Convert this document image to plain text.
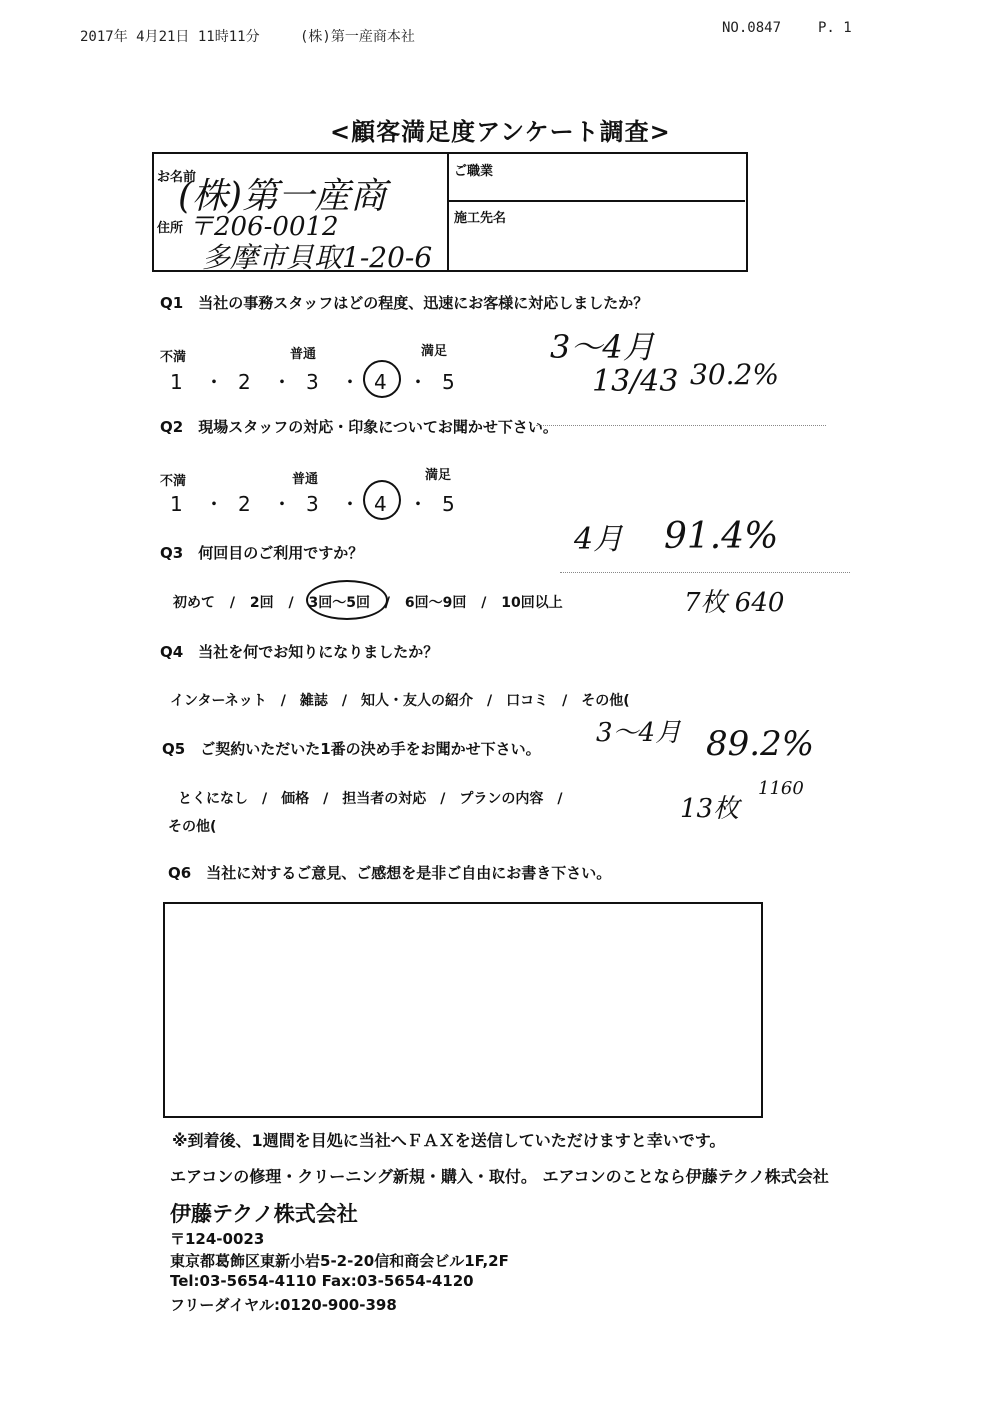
2017年 4月21日 11時11分	(株)第一産商本社
NO.0847	P. 1
<顧客満足度アンケート調査>
お名前
(株)第一産商
ご職業
住所 〒206-0012
多摩市貝取1-20-6
施工先名
Q1　当社の事務スタッフはどの程度、迅速にお客様に対応しましたか？
不満	普通	満足
1 ・ 2 ・ 3 ・ 4 ・ 5
3〜4月
13/43 30.2%
Q2　現場スタッフの対応・印象についてお聞かせ下さい。
不満	普通	満足
1 ・ 2 ・ 3 ・ 4 ・ 5
Q3　何回目のご利用ですか？
初めて / 2回 / 3回〜5回 / 6回〜9回 / 10回以上
4月 91.4%
7枚 640
Q4　当社を何でお知りになりましたか？
インターネット　/　雑誌　/　知人・友人の紹介　/　口コミ　/　その他(
Q5　ご契約いただいた1番の決め手をお聞かせ下さい。
とくになし　/　価格　/　担当者の対応　/　プランの内容　/
その他(
3〜4月 89.2%
13枚
1160
Q6　当社に対するご意見、ご感想を是非ご自由にお書き下さい。
※到着後、1週間を目処に当社へＦＡＸを送信していただけますと幸いです。
エアコンの修理・クリーニング新規・購入・取付。 エアコンのことなら伊藤テクノ株式会社
伊藤テクノ株式会社
〒124-0023
東京都葛飾区東新小岩5-2-20信和商会ビル1F,2F
Tel:03-5654-4110 Fax:03-5654-4120
フリーダイヤル:0120-900-398
